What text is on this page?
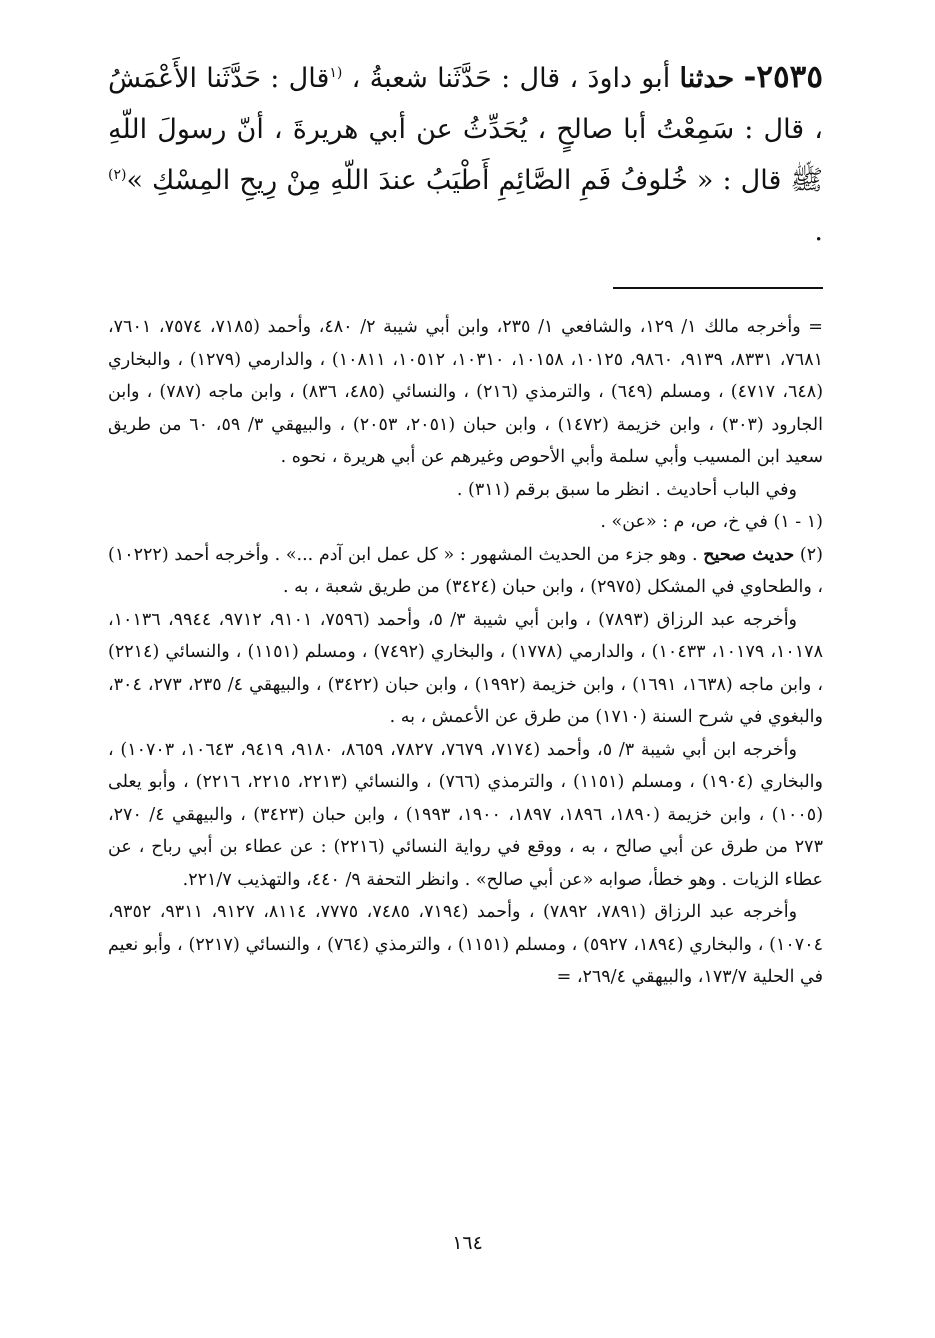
٢٥٣٥- حدثنا أبو داودَ ، قال : حَدَّثَنا شعبةُ ، $^{(١}$قال : حَدَّثَنا الأَعْمَشُ ، قال : سَمِعْتُ أبا صالحٍ ، يُحَدِّثُ عن أبي هريرةَ ، أنّ رسولَ اللّهِ ﷺ قال : « خُلوفُ فَمِ الصَّائِمِ أَطْيَبُ عندَ اللّهِ مِنْ رِيحِ المِسْكِ »$^{(٢)}$ .

= وأخرجه مالك ١/ ١٢٩، والشافعي ١/ ٢٣٥، وابن أبي شيبة ٢/ ٤٨٠، وأحمد (٧١٨٥، ٧٥٧٤، ٧٦٠١، ٧٦٨١، ٨٣٣١، ٩١٣٩، ٩٨٦٠، ١٠١٢٥، ١٠١٥٨، ١٠٣١٠، ١٠٥١٢، ١٠٨١١) ، والدارمي (١٢٧٩) ، والبخاري (٦٤٨، ٤٧١٧) ، ومسلم (٦٤٩) ، والترمذي (٢١٦) ، والنسائي (٤٨٥، ٨٣٦) ، وابن ماجه (٧٨٧) ، وابن الجارود (٣٠٣) ، وابن خزيمة (١٤٧٢) ، وابن حبان (٢٠٥١، ٢٠٥٣) ، والبيهقي ٣/ ٥٩، ٦٠ من طريق سعيد ابن المسيب وأبي سلمة وأبي الأحوص وغيرهم عن أبي هريرة ، نحوه .

وفي الباب أحاديث . انظر ما سبق برقم (٣١١) .

(١ - ١) في خ، ص، م : «عن» .

(٢) حديث صحيح . وهو جزء من الحديث المشهور : « كل عمل ابن آدم ...» . وأخرجه أحمد (١٠٢٢٢) ، والطحاوي في المشكل (٢٩٧٥) ، وابن حبان (٣٤٢٤) من طريق شعبة ، به .

وأخرجه عبد الرزاق (٧٨٩٣) ، وابن أبي شيبة ٣/ ٥، وأحمد (٧٥٩٦، ٩١٠١، ٩٧١٢، ٩٩٤٤، ١٠١٣٦، ١٠١٧٨، ١٠١٧٩، ١٠٤٣٣) ، والدارمي (١٧٧٨) ، والبخاري (٧٤٩٢) ، ومسلم (١١٥١) ، والنسائي (٢٢١٤) ، وابن ماجه (١٦٣٨، ١٦٩١) ، وابن خزيمة (١٩٩٢) ، وابن حبان (٣٤٢٢) ، والبيهقي ٤/ ٢٣٥، ٢٧٣، ٣٠٤، والبغوي في شرح السنة (١٧١٠) من طرق عن الأعمش ، به .

وأخرجه ابن أبي شيبة ٣/ ٥، وأحمد (٧١٧٤، ٧٦٧٩، ٧٨٢٧، ٨٦٥٩، ٩١٨٠، ٩٤١٩، ١٠٦٤٣، ١٠٧٠٣) ، والبخاري (١٩٠٤) ، ومسلم (١١٥١) ، والترمذي (٧٦٦) ، والنسائي (٢٢١٣، ٢٢١٥، ٢٢١٦) ، وأبو يعلى (١٠٠٥) ، وابن خزيمة (١٨٩٠، ١٨٩٦، ١٨٩٧، ١٩٠٠، ١٩٩٣) ، وابن حبان (٣٤٢٣) ، والبيهقي ٤/ ٢٧٠، ٢٧٣ من طرق عن أبي صالح ، به ، ووقع في رواية النسائي (٢٢١٦) : عن عطاء بن أبي رباح ، عن عطاء الزيات . وهو خطأ، صوابه «عن أبي صالح» . وانظر التحفة ٩/ ٤٤٠، والتهذيب ٢٢١/٧.

وأخرجه عبد الرزاق (٧٨٩١، ٧٨٩٢) ، وأحمد (٧١٩٤، ٧٤٨٥، ٧٧٧٥، ٨١١٤، ٩١٢٧، ٩٣١١، ٩٣٥٢، ١٠٧٠٤) ، والبخاري (١٨٩٤، ٥٩٢٧) ، ومسلم (١١٥١) ، والترمذي (٧٦٤) ، والنسائي (٢٢١٧) ، وأبو نعيم في الحلية ١٧٣/٧، والبيهقي ٢٦٩/٤، =

١٦٤
